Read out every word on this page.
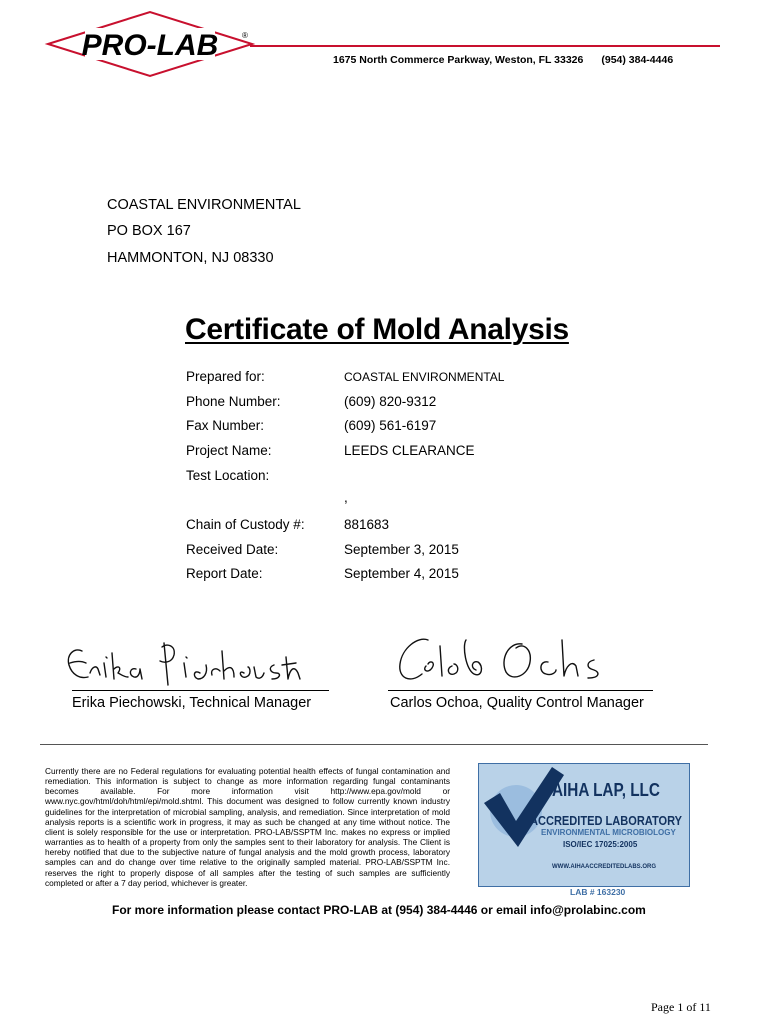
PRO-LAB	®
1675 North Commerce Parkway, Weston, FL 33326 (954) 384-4446
COASTAL ENVIRONMENTAL
PO BOX 167
HAMMONTON, NJ 08330
Certificate of Mold Analysis
Prepared for:	COASTAL ENVIRONMENTAL
Phone Number:	(609) 820-9312
Fax Number:	(609) 561-6197
Project Name:	LEEDS CLEARANCE
Test Location:
,
Chain of Custody #:	881683
Received Date:	September 3, 2015
Report Date:	September 4, 2015
Erika Piechowski, Technical Manager	Carlos Ochoa, Quality Control Manager
Currently there are no Federal regulations for evaluating potential health effects of fungal contamination and remediation. This information is subject to change as more information regarding fungal contaminants becomes available. For more information visit http://www.epa.gov/mold or www.nyc.gov/html/doh/html/epi/mold.shtml. This document was designed to follow currently known industry guidelines for the interpretation of microbial sampling, analysis, and remediation. Since interpretation of mold analysis reports is a scientific work in progress, it may as such be changed at any time without notice. The client is solely responsible for the use or interpretation. PRO-LAB/SSPTM Inc. makes no express or implied warranties as to health of a property from only the samples sent to their laboratory for analysis. The Client is hereby notified that due to the subjective nature of fungal analysis and the mold growth process, laboratory samples can and do change over time relative to the originally sampled material. PRO-LAB/SSPTM Inc. reserves the right to properly dispose of all samples after the testing of such samples are sufficiently completed or after a 7 day period, whichever is greater.
AIHA LAP, LLC
ACCREDITED LABORATORY
ENVIRONMENTAL MICROBIOLOGY
ISO/IEC 17025:2005
WWW.AIHAACCREDITEDLABS.ORG
LAB # 163230
For more information please contact PRO-LAB at (954) 384-4446 or email info@prolabinc.com
Page 1 of 11
